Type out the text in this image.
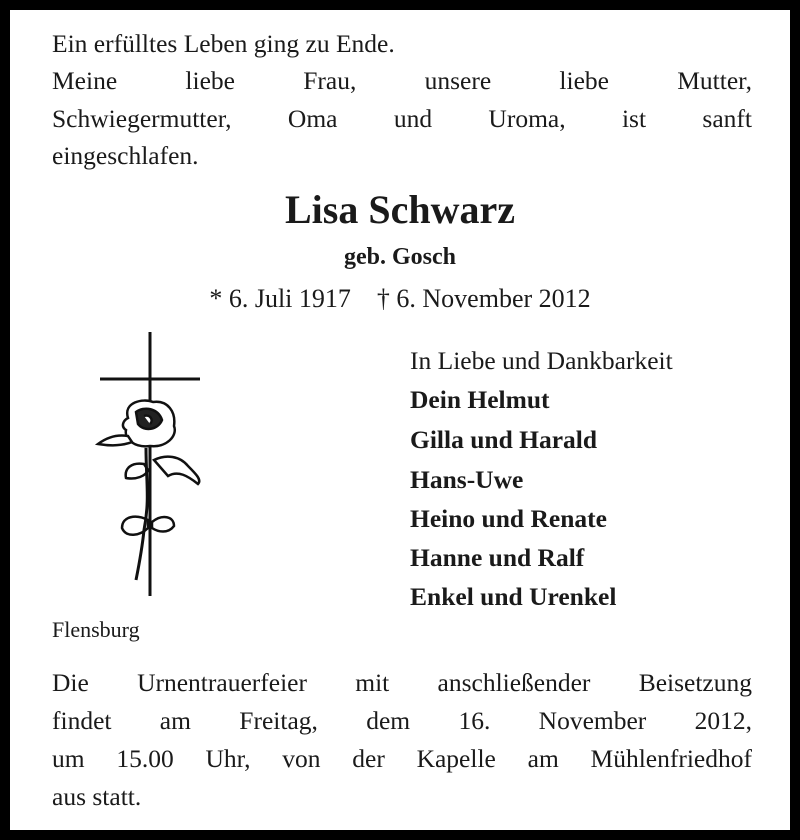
Ein erfülltes Leben ging zu Ende.
Meine liebe Frau, unsere liebe Mutter,
Schwiegermutter, Oma und Uroma, ist sanft
eingeschlafen.
Lisa Schwarz
geb. Gosch
* 6. Juli 1917    † 6. November 2012
In Liebe und Dankbarkeit
Dein Helmut
Gilla und Harald
Hans-Uwe
Heino und Renate
Hanne und Ralf
Enkel und Urenkel
Flensburg
Die Urnentrauerfeier mit anschließender Beisetzung
findet am Freitag, dem 16. November 2012,
um 15.00 Uhr, von der Kapelle am Mühlenfriedhof
aus statt.
